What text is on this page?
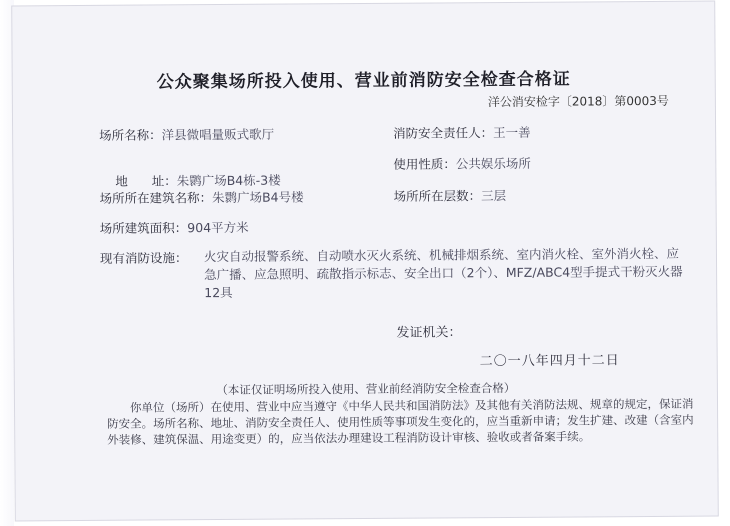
公众聚集场所投入使用、营业前消防安全检查合格证
洋公消安检字〔2018〕第0003号
场所名称：洋县微唱量贩式歌厅	消防安全责任人：王一善

地      址：朱鹮广场B4栋-3楼

使用性质：公共娱乐场所
场所所在建筑名称：朱鹮广场B4号楼	场所所在层数：三层
场所建筑面积：904平方米
现有消防设施：	火灾自动报警系统、自动喷水灭火系统、机械排烟系统、室内消火栓、室外消火栓、应急广播、应急照明、疏散指示标志、安全出口（2个）、MFZ/ABC4型手提式干粉灭火器12具
发证机关：
二〇一八年四月十二日
（本证仅证明场所投入使用、营业前经消防安全检查合格）
你单位（场所）在使用、营业中应当遵守《中华人民共和国消防法》及其他有关消防法规、规章的规定，保证消防安全。场所名称、地址、消防安全责任人、使用性质等事项发生变化的，应当重新申请；发生扩建、改建（含室内外装修、建筑保温、用途变更）的，应当依法办理建设工程消防设计审核、验收或者备案手续。
